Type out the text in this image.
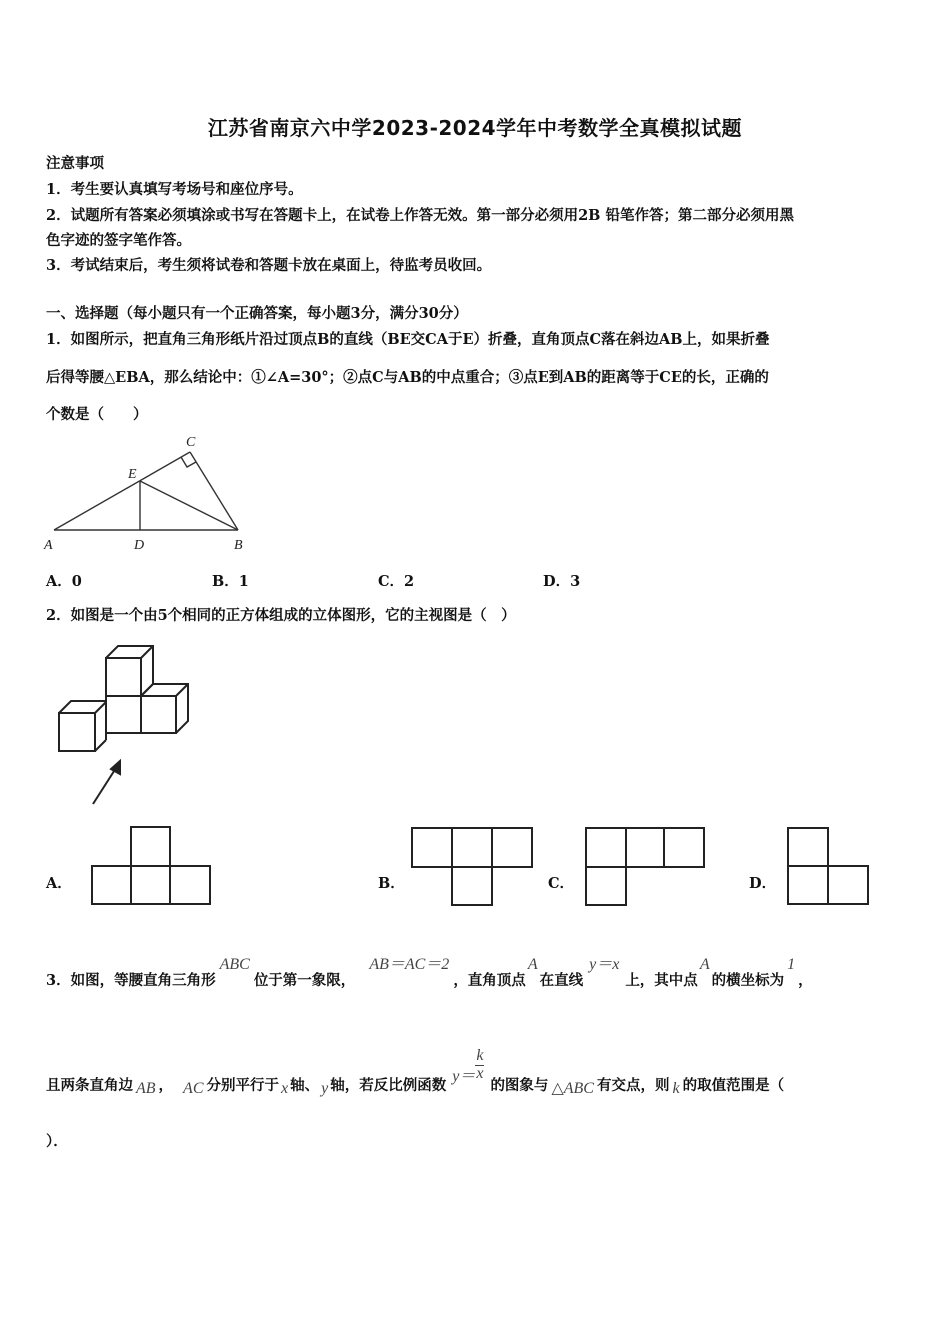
江苏省南京六中学2023-2024学年中考数学全真模拟试题
注意事项
1．考生要认真填写考场号和座位序号。
2．试题所有答案必须填涂或书写在答题卡上，在试卷上作答无效。第一部分必须用2B 铅笔作答；第二部分必须用黑
色字迹的签字笔作答。
3．考试结束后，考生须将试卷和答题卡放在桌面上，待监考员收回。
一、选择题（每小题只有一个正确答案，每小题3分，满分30分）
1．如图所示，把直角三角形纸片沿过顶点B的直线（BE交CA于E）折叠，直角顶点C落在斜边AB上，如果折叠
后得等腰△EBA，那么结论中：①∠A=30°；②点C与AB的中点重合；③点E到AB的距离等于CE的长，正确的
个数是（　　）
C
E
A	D	B
A．0	B．1	C．2	D．3
2．如图是一个由5个相同的正方体组成的立体图形，它的主视图是（　）
A．	B．	C．	D．
3．如图，等腰直角三角形ABC位于第一象限，AB＝AC＝2，直角顶点A在直线y＝x上，其中点A的横坐标为1，
且两条直角边 AB ， AC 分别平行于 x 轴、 y 轴，若反比例函数$y= \frac{k}{x}$
的图象与 △ABC 有交点，则 k 的取值范围是（
）．
